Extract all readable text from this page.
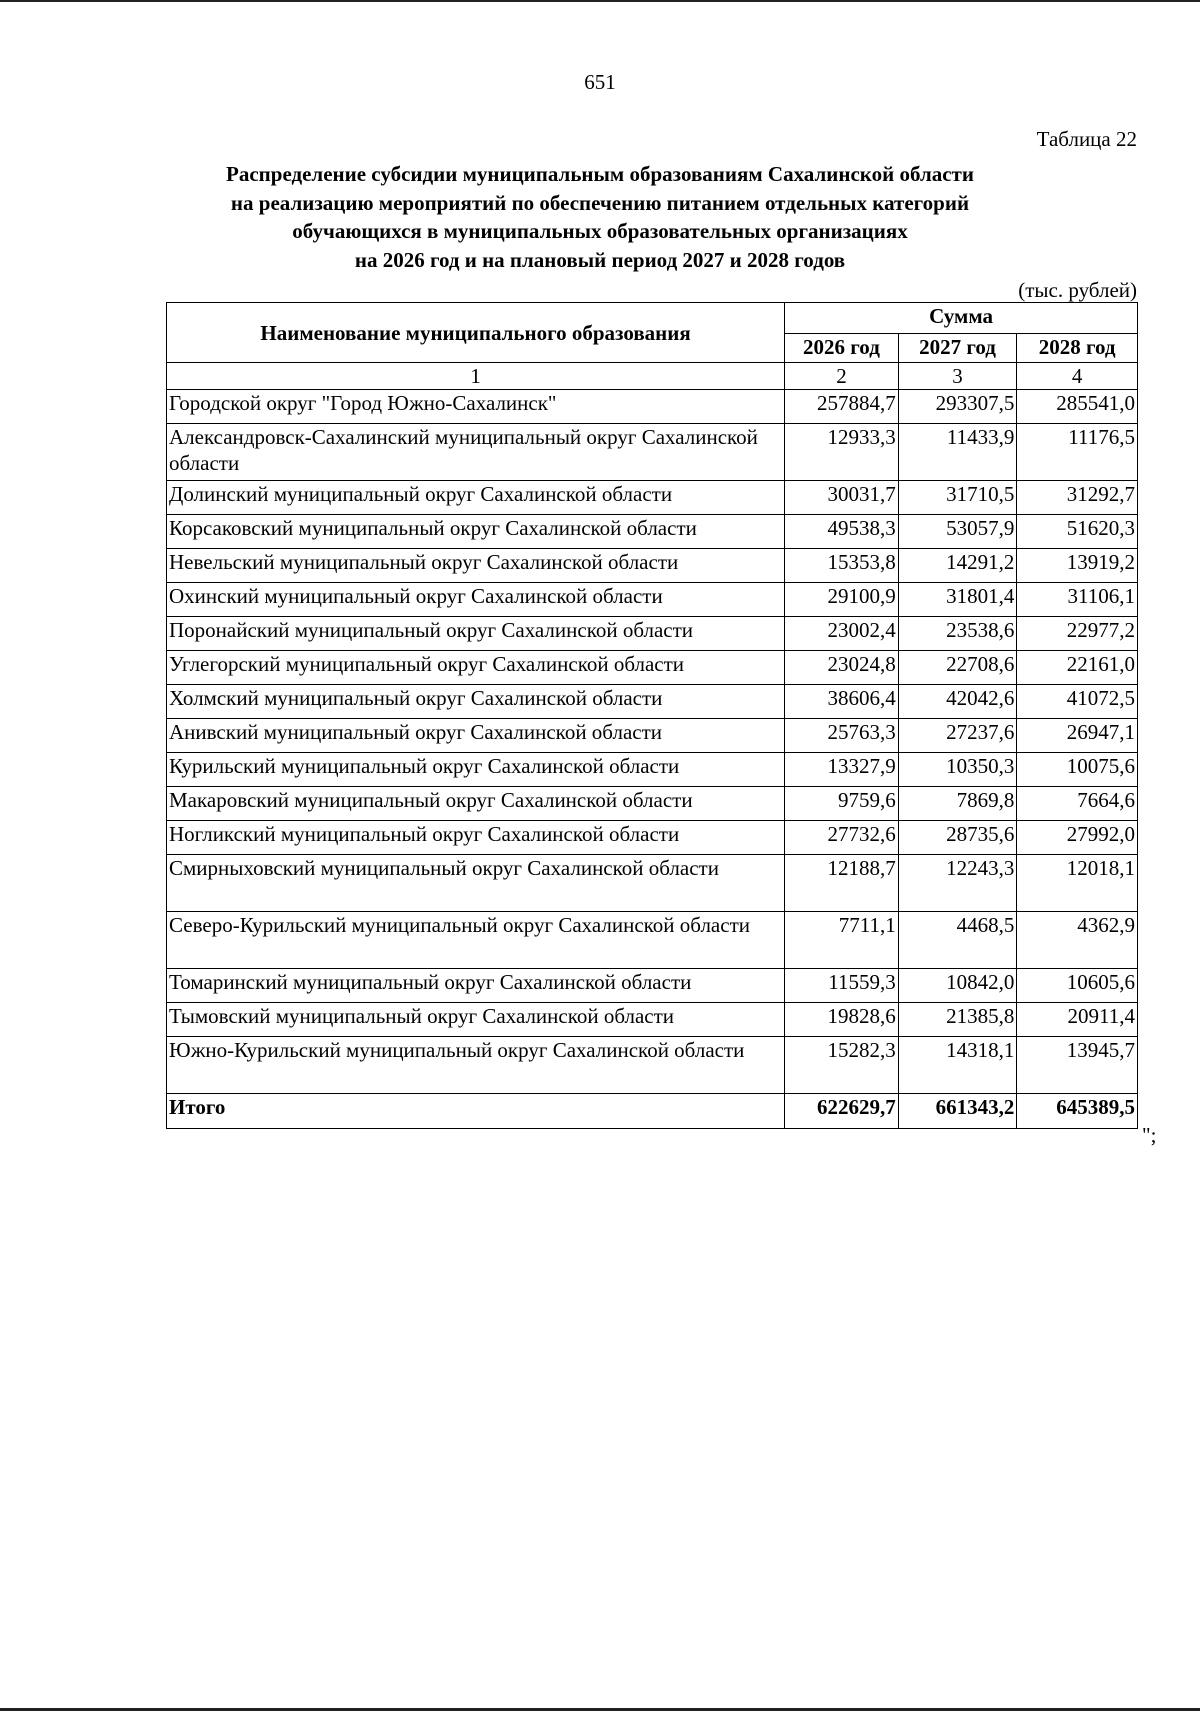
651
Таблица 22
Распределение субсидии муниципальным образованиям Сахалинской области
на реализацию мероприятий по обеспечению питанием отдельных категорий
обучающихся в муниципальных образовательных организациях
на 2026 год и на плановый период 2027 и 2028 годов
(тыс. рублей)
Наименование муниципального образования	Сумма		
	2026 год	2027 год	2028 год
1	2	3	4
Городской округ "Город Южно-Сахалинск"	257884,7	293307,5	285541,0
Александровск-Сахалинский муниципальный округ Сахалинской области	12933,3	11433,9	11176,5
Долинский муниципальный округ Сахалинской области	30031,7	31710,5	31292,7
Корсаковский муниципальный округ Сахалинской области	49538,3	53057,9	51620,3
Невельский муниципальный округ Сахалинской области	15353,8	14291,2	13919,2
Охинский муниципальный округ Сахалинской области	29100,9	31801,4	31106,1
Поронайский муниципальный округ Сахалинской области	23002,4	23538,6	22977,2
Углегорский муниципальный округ Сахалинской области	23024,8	22708,6	22161,0
Холмский муниципальный округ Сахалинской области	38606,4	42042,6	41072,5
Анивский муниципальный округ Сахалинской области	25763,3	27237,6	26947,1
Курильский муниципальный округ Сахалинской области	13327,9	10350,3	10075,6
Макаровский муниципальный округ Сахалинской области	9759,6	7869,8	7664,6
Ногликский муниципальный округ Сахалинской области	27732,6	28735,6	27992,0
Смирныховский муниципальный округ Сахалинской области	12188,7	12243,3	12018,1
Северо-Курильский муниципальный округ Сахалинской области	7711,1	4468,5	4362,9
Томаринский муниципальный округ Сахалинской области	11559,3	10842,0	10605,6
Тымовский муниципальный округ Сахалинской области	19828,6	21385,8	20911,4
Южно-Курильский муниципальный округ Сахалинской области	15282,3	14318,1	13945,7
Итого	622629,7	661343,2	645389,5
";
